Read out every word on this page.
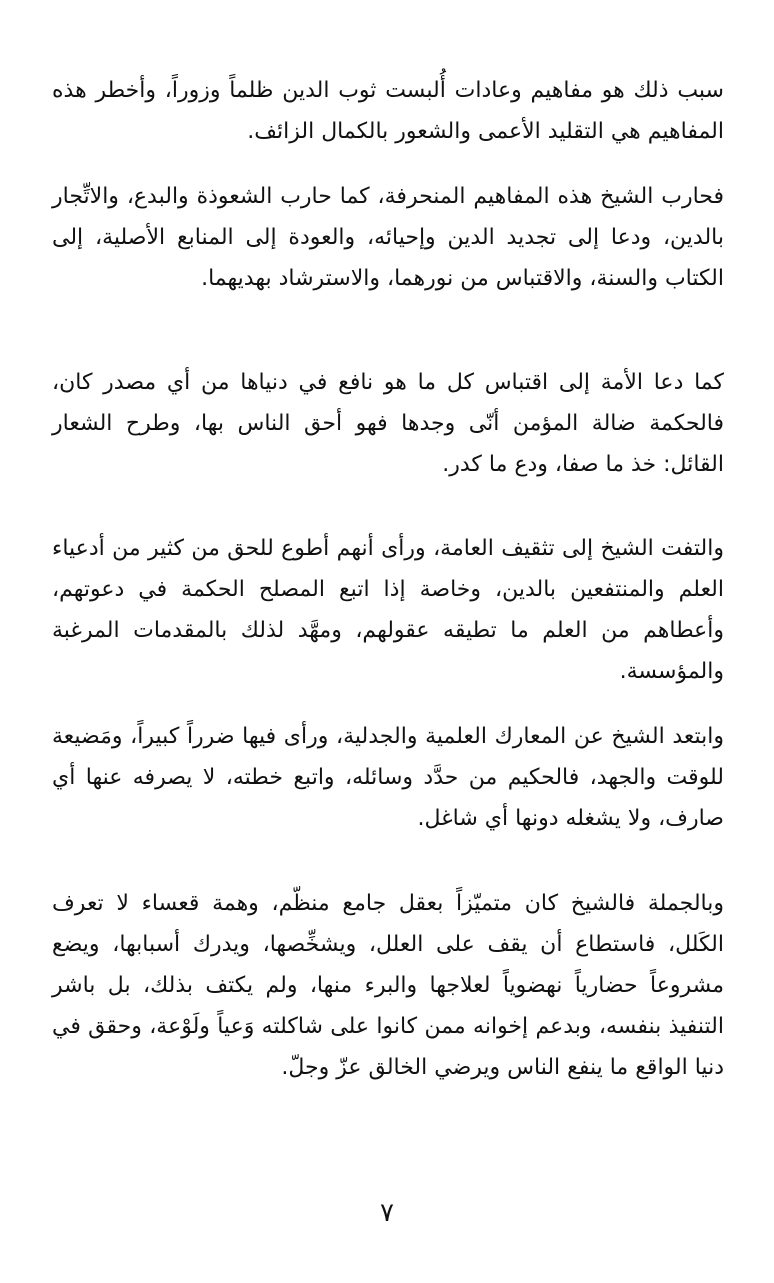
سبب ذلك هو مفاهيم وعادات أُلبست ثوب الدين ظلماً وزوراً، وأخطر هذه المفاهيم هي التقليد الأعمى والشعور بالكمال الزائف.

فحارب الشيخ هذه المفاهيم المنحرفة، كما حارب الشعوذة والبدع، والاتِّجار بالدين، ودعا إلى تجديد الدين وإحيائه، والعودة إلى المنابع الأصلية، إلى الكتاب والسنة، والاقتباس من نورهما، والاسترشاد بهديهما.

كما دعا الأمة إلى اقتباس كل ما هو نافع في دنياها من أي مصدر كان، فالحكمة ضالة المؤمن أنّى وجدها فهو أحق الناس بها، وطرح الشعار القائل: خذ ما صفا، ودع ما كدر.

والتفت الشيخ إلى تثقيف العامة، ورأى أنهم أطوع للحق من كثير من أدعياء العلم والمنتفعين بالدين، وخاصة إذا اتبع المصلح الحكمة في دعوتهم، وأعطاهم من العلم ما تطيقه عقولهم، ومهَّد لذلك بالمقدمات المرغبة والمؤسسة.

وابتعد الشيخ عن المعارك العلمية والجدلية، ورأى فيها ضرراً كبيراً، ومَضيعة للوقت والجهد، فالحكيم من حدَّد وسائله، واتبع خطته، لا يصرفه عنها أي صارف، ولا يشغله دونها أي شاغل.

وبالجملة فالشيخ كان متميّزاً بعقل جامع منظّم، وهمة قعساء لا تعرف الكَلل، فاستطاع أن يقف على العلل، ويشخِّصها، ويدرك أسبابها، ويضع مشروعاً حضارياً نهضوياً لعلاجها والبرء منها، ولم يكتف بذلك، بل باشر التنفيذ بنفسه، وبدعم إخوانه ممن كانوا على شاكلته وَعياً ولَوْعة، وحقق في دنيا الواقع ما ينفع الناس ويرضي الخالق عزّ وجلّ.

٧
